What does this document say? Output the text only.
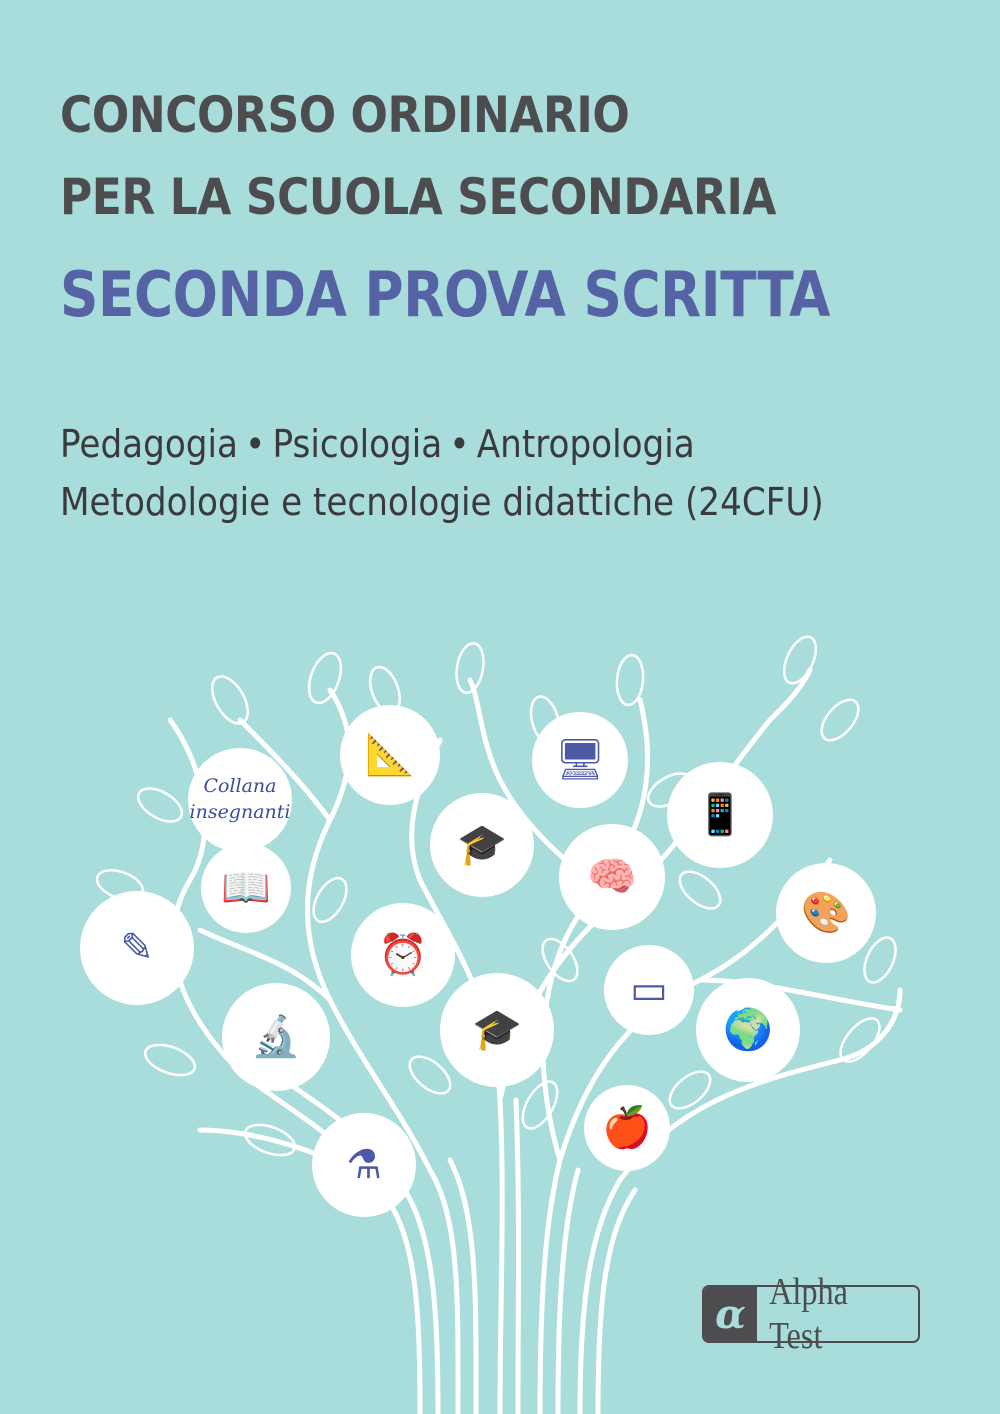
CONCORSO ORDINARIO
PER LA SCUOLA SECONDARIA
SECONDA PROVA SCRITTA
Pedagogia • Psicologia • Antropologia
Metodologie e tecnologie didattiche (24CFU)
Collana
insegnanti
📐	🖥
📱
🎓
🧠
📖
🎨
✎	⏰
▭
🎓
🔬	🌍
🍎
⚗
α Alpha Test
